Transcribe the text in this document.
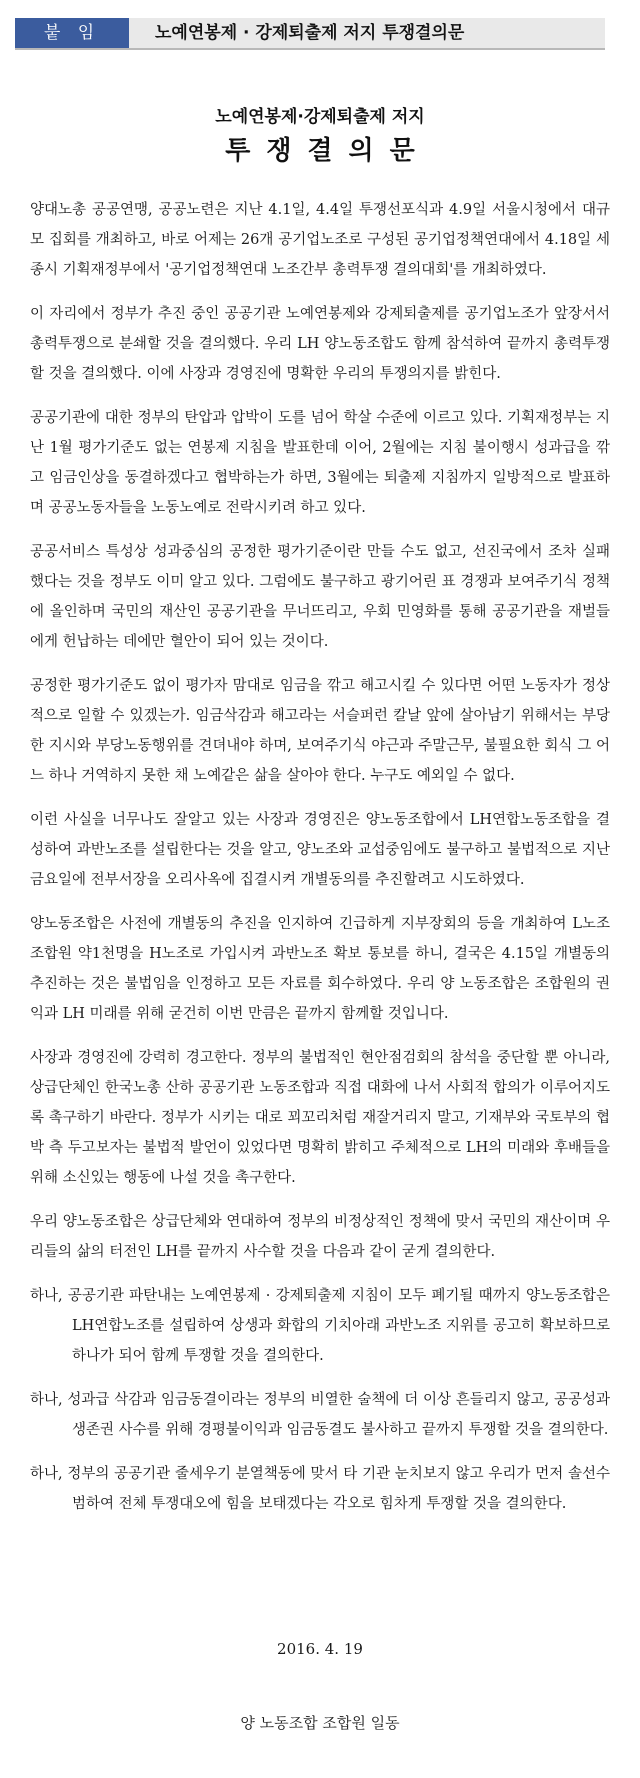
붙 임	노예연봉제 · 강제퇴출제 저지 투쟁결의문
노예연봉제·강제퇴출제 저지
투쟁결의문

양대노총 공공연맹, 공공노련은 지난 4.1일, 4.4일 투쟁선포식과 4.9일 서울시청에서 대규모 집회를 개최하고, 바로 어제는 26개 공기업노조로 구성된 공기업정책연대에서 4.18일 세종시 기획재정부에서 '공기업정책연대 노조간부 총력투쟁 결의대회'를 개최하였다.

이 자리에서 정부가 추진 중인 공공기관 노예연봉제와 강제퇴출제를 공기업노조가 앞장서서 총력투쟁으로 분쇄할 것을 결의했다. 우리 LH 양노동조합도 함께 참석하여 끝까지 총력투쟁할 것을 결의했다. 이에 사장과 경영진에 명확한 우리의 투쟁의지를 밝힌다.

공공기관에 대한 정부의 탄압과 압박이 도를 넘어 학살 수준에 이르고 있다. 기획재정부는 지난 1월 평가기준도 없는 연봉제 지침을 발표한데 이어, 2월에는 지침 불이행시 성과급을 깎고 임금인상을 동결하겠다고 협박하는가 하면, 3월에는 퇴출제 지침까지 일방적으로 발표하며 공공노동자들을 노동노예로 전락시키려 하고 있다.

공공서비스 특성상 성과중심의 공정한 평가기준이란 만들 수도 없고, 선진국에서 조차 실패했다는 것을 정부도 이미 알고 있다. 그럼에도 불구하고 광기어린 표 경쟁과 보여주기식 정책에 올인하며 국민의 재산인 공공기관을 무너뜨리고, 우회 민영화를 통해 공공기관을 재벌들에게 헌납하는 데에만 혈안이 되어 있는 것이다.

공정한 평가기준도 없이 평가자 맘대로 임금을 깎고 해고시킬 수 있다면 어떤 노동자가 정상적으로 일할 수 있겠는가. 임금삭감과 해고라는 서슬퍼런 칼날 앞에 살아남기 위해서는 부당한 지시와 부당노동행위를 견뎌내야 하며, 보여주기식 야근과 주말근무, 불필요한 회식 그 어느 하나 거역하지 못한 채 노예같은 삶을 살아야 한다. 누구도 예외일 수 없다.

이런 사실을 너무나도 잘알고 있는 사장과 경영진은 양노동조합에서 LH연합노동조합을 결성하여 과반노조를 설립한다는 것을 알고, 양노조와 교섭중임에도 불구하고 불법적으로 지난 금요일에 전부서장을 오리사옥에 집결시켜 개별동의를 추진할려고 시도하였다.

양노동조합은 사전에 개별동의 추진을 인지하여 긴급하게 지부장회의 등을 개최하여 L노조 조합원 약1천명을 H노조로 가입시켜 과반노조 확보 통보를 하니, 결국은 4.15일 개별동의 추진하는 것은 불법임을 인정하고 모든 자료를 회수하였다. 우리 양 노동조합은 조합원의 권익과 LH 미래를 위해 굳건히 이번 만큼은 끝까지 함께할 것입니다.

사장과 경영진에 강력히 경고한다. 정부의 불법적인 현안점검회의 참석을 중단할 뿐 아니라, 상급단체인 한국노총 산하 공공기관 노동조합과 직접 대화에 나서 사회적 합의가 이루어지도록 촉구하기 바란다. 정부가 시키는 대로 꾀꼬리처럼 재잘거리지 말고, 기재부와 국토부의 협박 측 두고보자는 불법적 발언이 있었다면 명확히 밝히고 주체적으로 LH의 미래와 후배들을 위해 소신있는 행동에 나설 것을 촉구한다.

우리 양노동조합은 상급단체와 연대하여 정부의 비정상적인 정책에 맞서 국민의 재산이며 우리들의 삶의 터전인 LH를 끝까지 사수할 것을 다음과 같이 굳게 결의한다.

하나, 공공기관 파탄내는 노예연봉제 · 강제퇴출제 지침이 모두 폐기될 때까지 양노동조합은 LH연합노조를 설립하여 상생과 화합의 기치아래 과반노조 지위를 공고히 확보하므로 하나가 되어 함께 투쟁할 것을 결의한다.

하나, 성과급 삭감과 임금동결이라는 정부의 비열한 술책에 더 이상 흔들리지 않고, 공공성과 생존권 사수를 위해 경평불이익과 임금동결도 불사하고 끝까지 투쟁할 것을 결의한다.

하나, 정부의 공공기관 줄세우기 분열책동에 맞서 타 기관 눈치보지 않고 우리가 먼저 솔선수범하여 전체 투쟁대오에 힘을 보태겠다는 각오로 힘차게 투쟁할 것을 결의한다.

2016. 4. 19
양 노동조합 조합원 일동
